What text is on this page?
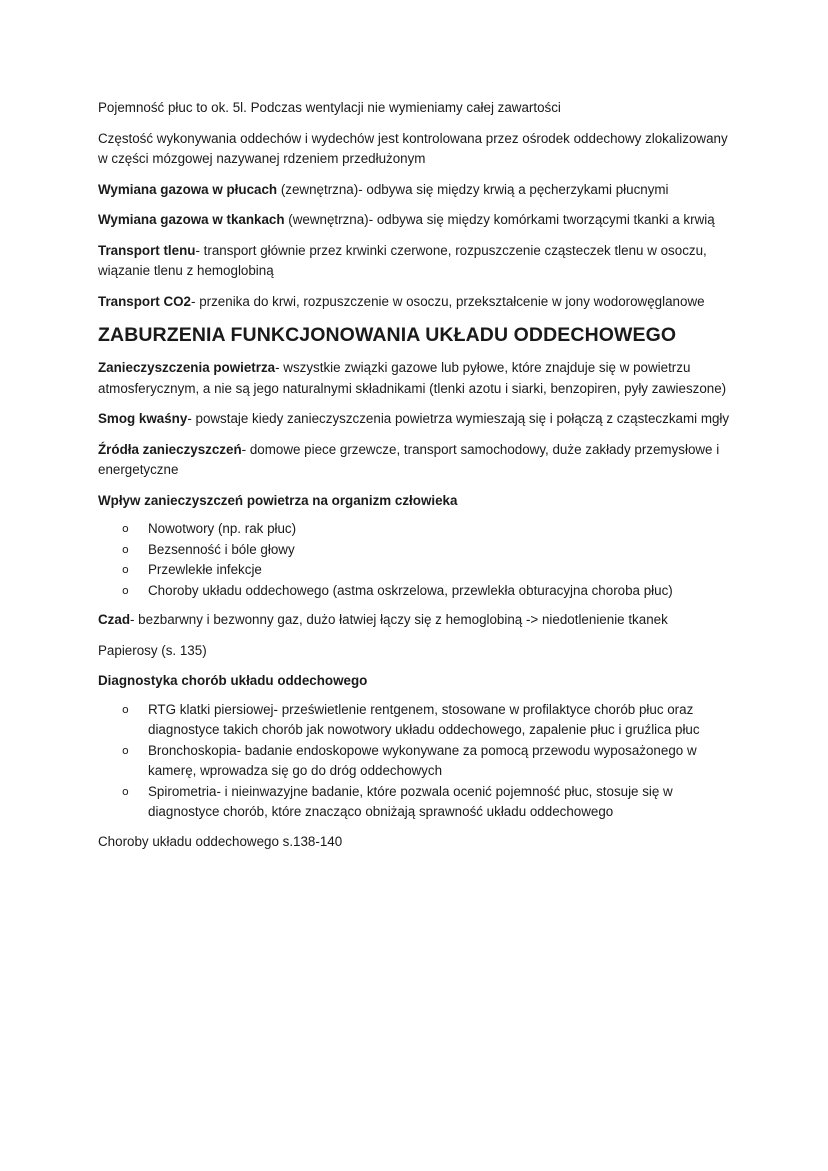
Pojemność płuc to ok. 5l. Podczas wentylacji nie wymieniamy całej zawartości

Częstość wykonywania oddechów i wydechów jest kontrolowana przez ośrodek oddechowy zlokalizowany w części mózgowej nazywanej rdzeniem przedłużonym

Wymiana gazowa w płucach (zewnętrzna)- odbywa się między krwią a pęcherzykami płucnymi

Wymiana gazowa w tkankach (wewnętrzna)- odbywa się między komórkami tworzącymi tkanki a krwią

Transport tlenu- transport głównie przez krwinki czerwone, rozpuszczenie cząsteczek tlenu w osoczu, wiązanie tlenu z hemoglobiną

Transport CO2- przenika do krwi, rozpuszczenie w osoczu, przekształcenie w jony wodorowęglanowe

ZABURZENIA FUNKCJONOWANIA UKŁADU ODDECHOWEGO

Zanieczyszczenia powietrza- wszystkie związki gazowe lub pyłowe, które znajduje się w powietrzu atmosferycznym, a nie są jego naturalnymi składnikami (tlenki azotu i siarki, benzopiren, pyły zawieszone)

Smog kwaśny- powstaje kiedy zanieczyszczenia powietrza wymieszają się i połączą z cząsteczkami mgły

Źródła zanieczyszczeń- domowe piece grzewcze, transport samochodowy, duże zakłady przemysłowe i energetyczne

Wpływ zanieczyszczeń powietrza na organizm człowieka

o Nowotwory (np. rak płuc)
o Bezsenność i bóle głowy
o Przewlekłe infekcje
o Choroby układu oddechowego (astma oskrzelowa, przewlekła obturacyjna choroba płuc)

Czad- bezbarwny i bezwonny gaz, dużo łatwiej łączy się z hemoglobiną -> niedotlenienie tkanek

Papierosy (s. 135)

Diagnostyka chorób układu oddechowego

o RTG klatki piersiowej- prześwietlenie rentgenem, stosowane w profilaktyce chorób płuc oraz diagnostyce takich chorób jak nowotwory układu oddechowego, zapalenie płuc i gruźlica płuc
o Bronchoskopia- badanie endoskopowe wykonywane za pomocą przewodu wyposażonego w kamerę, wprowadza się go do dróg oddechowych
o Spirometria- i nieinwazyjne badanie, które pozwala ocenić pojemność płuc, stosuje się w diagnostyce chorób, które znacząco obniżają sprawność układu oddechowego

Choroby układu oddechowego s.138-140
